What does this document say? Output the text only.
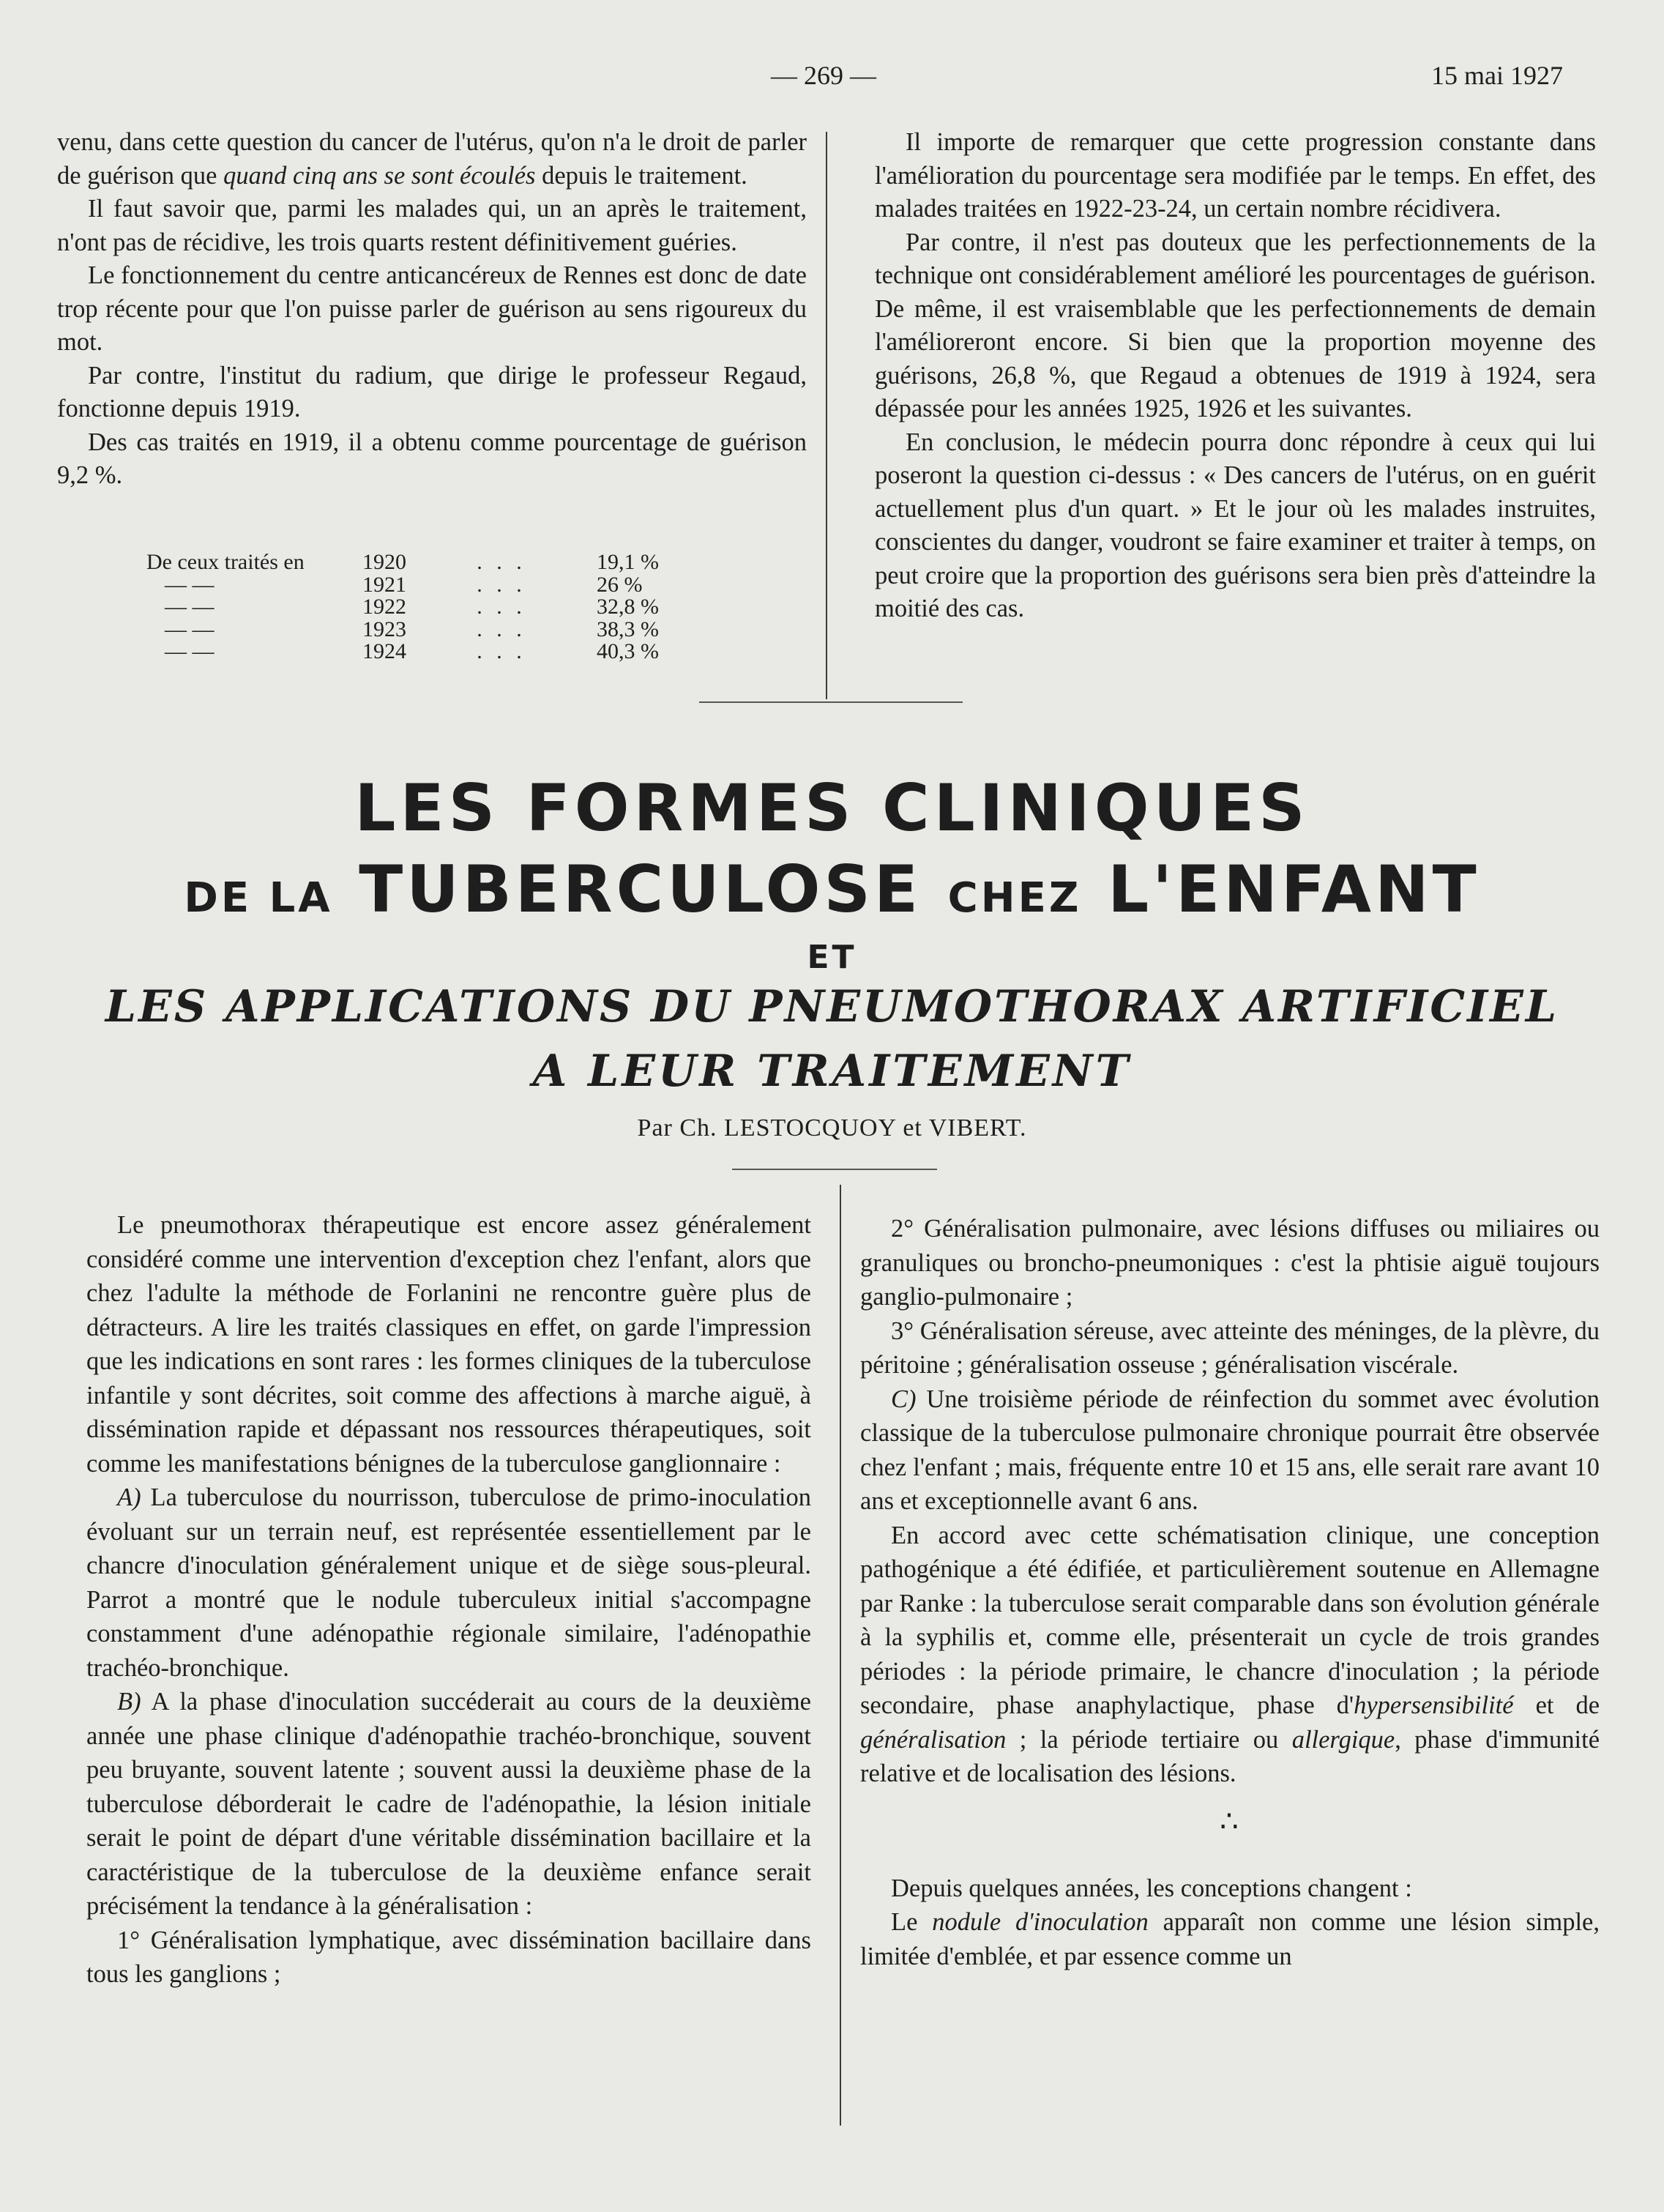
— 269 —	15 mai 1927

venu, dans cette question du cancer de l'utérus, qu'on n'a le droit de parler de guérison que quand cinq ans se sont écoulés depuis le traitement.

Il faut savoir que, parmi les malades qui, un an après le traitement, n'ont pas de récidive, les trois quarts restent définitivement guéries.

Le fonctionnement du centre anticancéreux de Rennes est donc de date trop récente pour que l'on puisse parler de guérison au sens rigoureux du mot.

Par contre, l'institut du radium, que dirige le professeur Regaud, fonctionne depuis 1919.

Des cas traités en 1919, il a obtenu comme pourcentage de guérison 9,2 %.

De ceux traités en	1920	. . .	19,1 %
— —	1921	. . .	26 %
— —	1922	. . .	32,8 %
— —	1923	. . .	38,3 %
— —	1924	. . .	40,3 %

Il importe de remarquer que cette progression constante dans l'amélioration du pourcentage sera modifiée par le temps. En effet, des malades traitées en 1922-23-24, un certain nombre récidivera.

Par contre, il n'est pas douteux que les perfectionnements de la technique ont considérablement amélioré les pourcentages de guérison. De même, il est vraisemblable que les perfectionnements de demain l'amélioreront encore. Si bien que la proportion moyenne des guérisons, 26,8 %, que Regaud a obtenues de 1919 à 1924, sera dépassée pour les années 1925, 1926 et les suivantes.

En conclusion, le médecin pourra donc répondre à ceux qui lui poseront la question ci-dessus : « Des cancers de l'utérus, on en guérit actuellement plus d'un quart. » Et le jour où les malades instruites, conscientes du danger, voudront se faire examiner et traiter à temps, on peut croire que la proportion des guérisons sera bien près d'atteindre la moitié des cas.

LES FORMES CLINIQUES
DE LA TUBERCULOSE CHEZ L'ENFANT
ET
LES APPLICATIONS DU PNEUMOTHORAX ARTIFICIEL
A LEUR TRAITEMENT
Par Ch. LESTOCQUOY et VIBERT.

Le pneumothorax thérapeutique est encore assez généralement considéré comme une intervention d'exception chez l'enfant, alors que chez l'adulte la méthode de Forlanini ne rencontre guère plus de détracteurs. A lire les traités classiques en effet, on garde l'impression que les indications en sont rares : les formes cliniques de la tuberculose infantile y sont décrites, soit comme des affections à marche aiguë, à dissémination rapide et dépassant nos ressources thérapeutiques, soit comme les manifestations bénignes de la tuberculose ganglionnaire :

A) La tuberculose du nourrisson, tuberculose de primo-inoculation évoluant sur un terrain neuf, est représentée essentiellement par le chancre d'inoculation généralement unique et de siège sous-pleural. Parrot a montré que le nodule tuberculeux initial s'accompagne constamment d'une adénopathie régionale similaire, l'adénopathie trachéo-bronchique.

B) A la phase d'inoculation succéderait au cours de la deuxième année une phase clinique d'adénopathie trachéo-bronchique, souvent peu bruyante, souvent latente ; souvent aussi la deuxième phase de la tuberculose déborderait le cadre de l'adénopathie, la lésion initiale serait le point de départ d'une véritable dissémination bacillaire et la caractéristique de la tuberculose de la deuxième enfance serait précisément la tendance à la généralisation :

1° Généralisation lymphatique, avec dissémination bacillaire dans tous les ganglions ;

2° Généralisation pulmonaire, avec lésions diffuses ou miliaires ou granuliques ou broncho-pneumoniques : c'est la phtisie aiguë toujours ganglio-pulmonaire ;

3° Généralisation séreuse, avec atteinte des méninges, de la plèvre, du péritoine ; généralisation osseuse ; généralisation viscérale.

C) Une troisième période de réinfection du sommet avec évolution classique de la tuberculose pulmonaire chronique pourrait être observée chez l'enfant ; mais, fréquente entre 10 et 15 ans, elle serait rare avant 10 ans et exceptionnelle avant 6 ans.

En accord avec cette schématisation clinique, une conception pathogénique a été édifiée, et particulièrement soutenue en Allemagne par Ranke : la tuberculose serait comparable dans son évolution générale à la syphilis et, comme elle, présenterait un cycle de trois grandes périodes : la période primaire, le chancre d'inoculation ; la période secondaire, phase anaphylactique, phase d'hypersensibilité et de généralisation ; la période tertiaire ou allergique, phase d'immunité relative et de localisation des lésions.

∴

Depuis quelques années, les conceptions changent :

Le nodule d'inoculation apparaît non comme une lésion simple, limitée d'emblée, et par essence comme un
